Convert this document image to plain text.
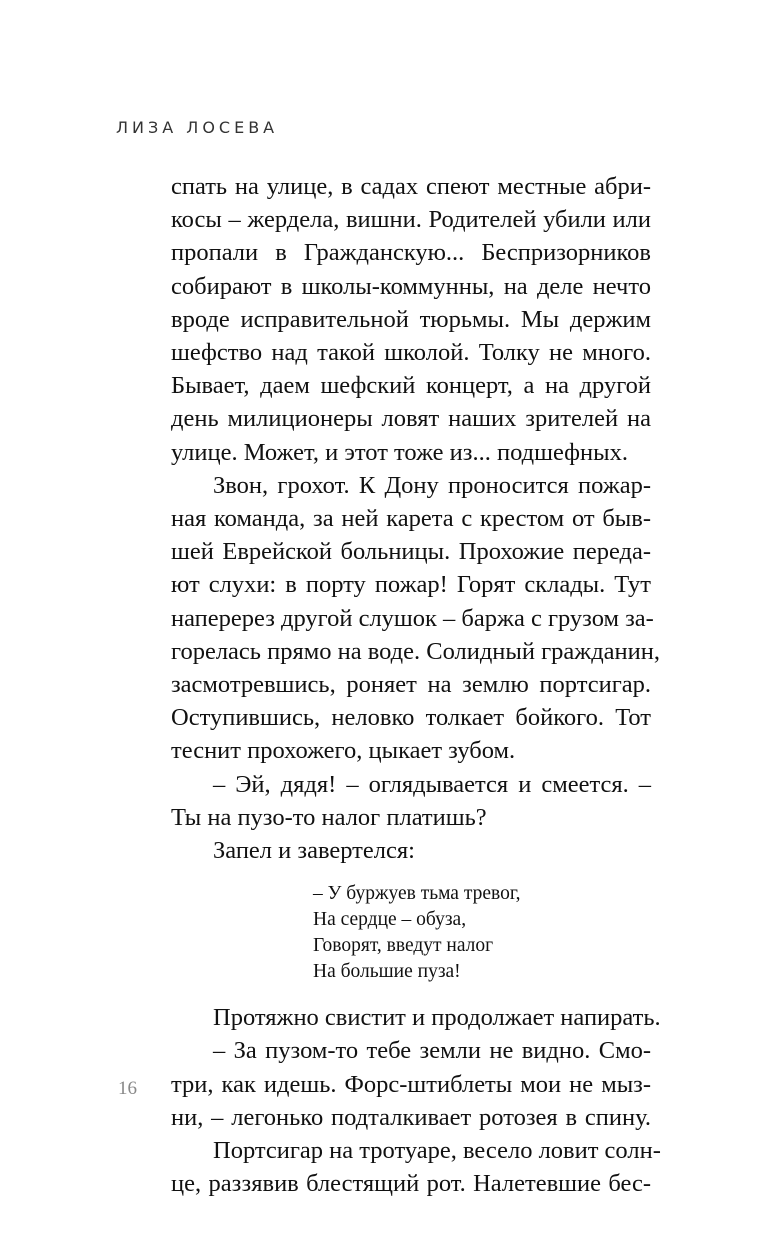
ЛИЗА ЛОСЕВА
спать на улице, в садах спеют местные абри-
косы – жердела, вишни. Родителей убили или
пропали в Гражданскую... Беспризорников
собирают в школы-коммунны, на деле нечто
вроде исправительной тюрьмы. Мы держим
шефство над такой школой. Толку не много.
Бывает, даем шефский концерт, а на другой
день милиционеры ловят наших зрителей на
улице. Может, и этот тоже из... подшефных.
Звон, грохот. К Дону проносится пожар-
ная команда, за ней карета с крестом от быв-
шей Еврейской больницы. Прохожие переда-
ют слухи: в порту пожар! Горят склады. Тут
наперерез другой слушок – баржа с грузом за-
горелась прямо на воде. Солидный гражданин,
засмотревшись, роняет на землю портсигар.
Оступившись, неловко толкает бойкого. Тот
теснит прохожего, цыкает зубом.
– Эй, дядя! – оглядывается и смеется. –
Ты на пузо-то налог платишь?
Запел и завертелся:
– У буржуев тьма тревог,
На сердце – обуза,
Говорят, введут налог
На большие пуза!
Протяжно свистит и продолжает напирать.
– За пузом-то тебе земли не видно. Смо-
три, как идешь. Форс-штиблеты мои не мыз-
ни, – легонько подталкивает ротозея в спину.
Портсигар на тротуаре, весело ловит солн-
це, раззявив блестящий рот. Налетевшие бес-
16
